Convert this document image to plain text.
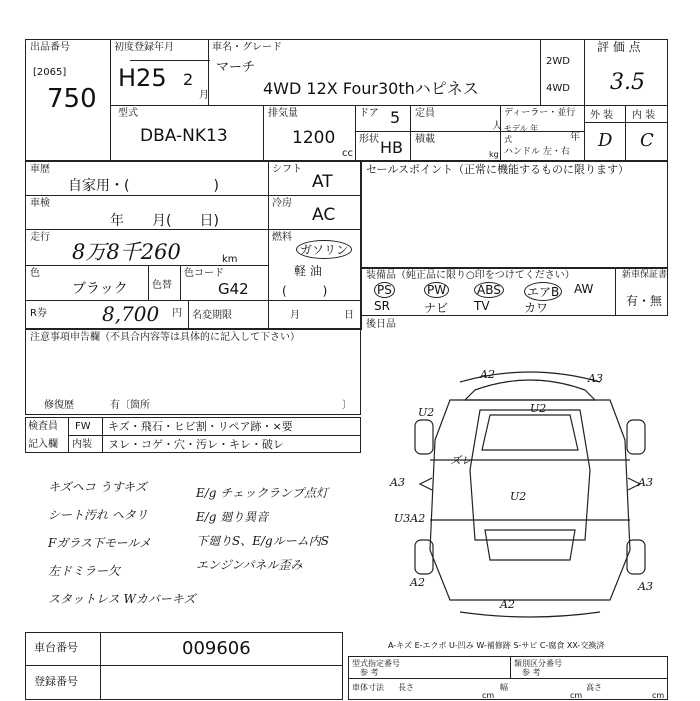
出品番号
[2065]
750
初度登録年月
H25 2
月
車名・グレード
マーチ
4WD 12X Four30thハピネス
2WD
4WD
評 価 点
3.5
外 装 内 装
D C
型式
DBA-NK13
排気量
1200
cc
ドア 5
形状 HB
定員
人
積載
kg
ディーラー・並行
モデル 年式	年
ハンドル 左・右
車歴
自家用・(　　　　　　)
シフト
AT
車検
年　　月(　　日)
冷房
AC
走行
8万8千260	km
燃料
ガソリン
軽 油
(　　　)
色
ブラック 色替
色コード
G42
R券	8,700 円 名変期限	月	日
セールスポイント（正常に機能するものに限ります）
装備品（純正品に限り○印をつけてください）	新車保証書
有・無
PS	PW	ABS エアB AW
SR	ナビ TV	カワ
後日品
注意事項申告欄（不具合内容等は具体的に記入して下さい）
修復歴	有〔箇所	〕
検査員
記入欄
FW キズ・飛石・ヒビ割・リペア跡・×要
内装 ヌレ・コゲ・穴・汚レ・キレ・破レ
キズヘコ うすキズ
シート汚れ ヘタリ
Fガラス下モールメ
左ドミラー欠
スタットレス Wカバーキズ
E/g チェックランプ点灯
E/g 廻り異音
下廻りS、E/gルーム内S
エンジンパネル歪み
A2	A3
U2	U2
A3	A3
U2
U3A2
A2	A3
A2
ズレ
A-キズ E-エクボ U-凹み W-補修跡 S-サビ C-腐食 XX-交換済
車台番号	009606
登録番号
型式指定番号
参 考
類別区分番号
参 考
車体寸法 長さ
cm
幅
cm
高さ
cm
